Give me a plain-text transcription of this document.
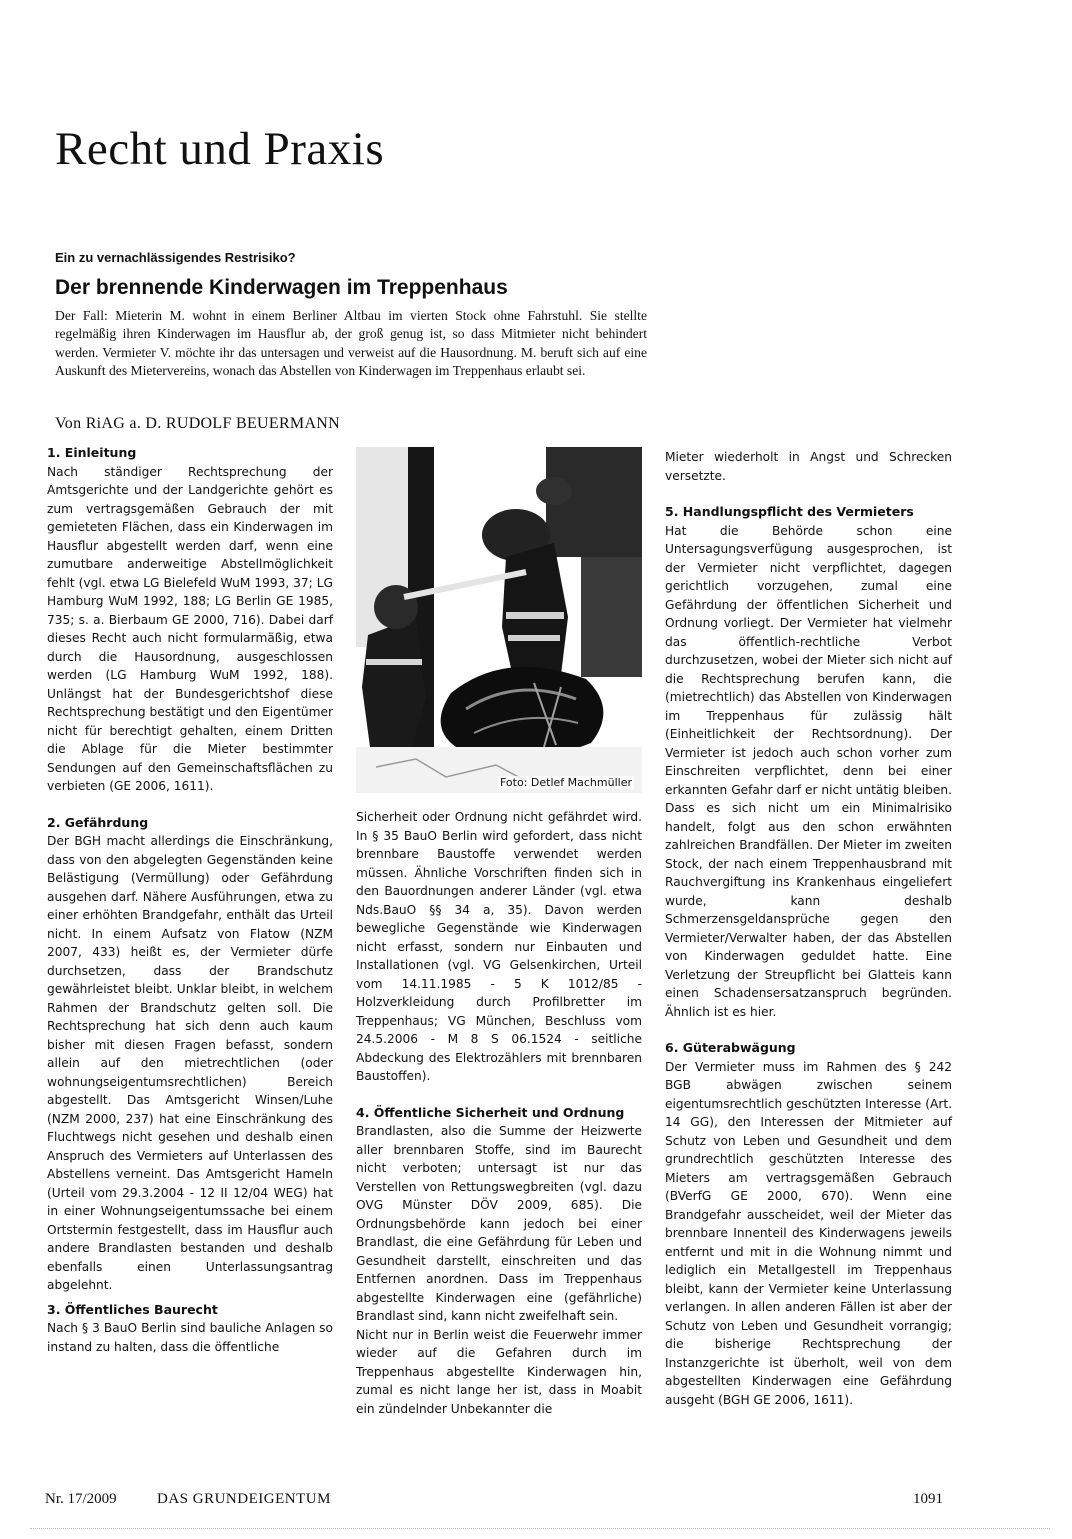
Recht und Praxis
Ein zu vernachlässigendes Restrisiko?
Der brennende Kinderwagen im Treppenhaus

Der Fall: Mieterin M. wohnt in einem Berliner Altbau im vierten Stock ohne Fahrstuhl. Sie stellte regelmäßig ihren Kinderwagen im Hausflur ab, der groß genug ist, so dass Mitmieter nicht behindert werden. Vermieter V. möchte ihr das untersagen und verweist auf die Hausordnung. M. beruft sich auf eine Auskunft des Mietervereins, wonach das Abstellen von Kinderwagen im Treppenhaus erlaubt sei.

Von RiAG a. D. RUDOLF BEUERMANN
1. Einleitung

Nach ständiger Rechtsprechung der Amtsgerichte und der Landgerichte gehört es zum vertragsgemäßen Gebrauch der mit gemieteten Flächen, dass ein Kinderwagen im Hausflur abgestellt werden darf, wenn eine zumutbare anderweitige Abstellmöglichkeit fehlt (vgl. etwa LG Bielefeld WuM 1993, 37; LG Hamburg WuM 1992, 188; LG Berlin GE 1985, 735; s. a. Bierbaum GE 2000, 716). Dabei darf dieses Recht auch nicht formularmäßig, etwa durch die Hausordnung, ausgeschlossen werden (LG Hamburg WuM 1992, 188). Unlängst hat der Bundesgerichtshof diese Rechtsprechung bestätigt und den Eigentümer nicht für berechtigt gehalten, einem Dritten die Ablage für die Mieter bestimmter Sendungen auf den Gemeinschaftsflächen zu verbieten (GE 2006, 1611).

2. Gefährdung

Der BGH macht allerdings die Einschränkung, dass von den abgelegten Gegenständen keine Belästigung (Vermüllung) oder Gefährdung ausgehen darf. Nähere Ausführungen, etwa zu einer erhöhten Brandgefahr, enthält das Urteil nicht. In einem Aufsatz von Flatow (NZM 2007, 433) heißt es, der Vermieter dürfe durchsetzen, dass der Brandschutz gewährleistet bleibt. Unklar bleibt, in welchem Rahmen der Brandschutz gelten soll. Die Rechtsprechung hat sich denn auch kaum bisher mit diesen Fragen befasst, sondern allein auf den mietrechtlichen (oder wohnungseigentumsrechtlichen) Bereich abgestellt. Das Amtsgericht Winsen/Luhe (NZM 2000, 237) hat eine Einschränkung des Fluchtwegs nicht gesehen und deshalb einen Anspruch des Vermieters auf Unterlassen des Abstellens verneint. Das Amtsgericht Hameln (Urteil vom 29.3.2004 - 12 II 12/04 WEG) hat in einer Wohnungseigentumssache bei einem Ortstermin festgestellt, dass im Hausflur auch andere Brandlasten bestanden und deshalb ebenfalls einen Unterlassungsantrag abgelehnt.

3. Öffentliches Baurecht

Nach § 3 BauO Berlin sind bauliche Anlagen so instand zu halten, dass die öffentliche

Foto: Detlef Machmüller

Sicherheit oder Ordnung nicht gefährdet wird. In § 35 BauO Berlin wird gefordert, dass nicht brennbare Baustoffe verwendet werden müssen. Ähnliche Vorschriften finden sich in den Bauordnungen anderer Länder (vgl. etwa Nds.BauO §§ 34 a, 35). Davon werden bewegliche Gegenstände wie Kinderwagen nicht erfasst, sondern nur Einbauten und Installationen (vgl. VG Gelsenkirchen, Urteil vom 14.11.1985 - 5 K 1012/85 - Holzverkleidung durch Profilbretter im Treppenhaus; VG München, Beschluss vom 24.5.2006 - M 8 S 06.1524 - seitliche Abdeckung des Elektrozählers mit brennbaren Baustoffen).

4. Öffentliche Sicherheit und Ordnung

Brandlasten, also die Summe der Heizwerte aller brennbaren Stoffe, sind im Baurecht nicht verboten; untersagt ist nur das Verstellen von Rettungswegbreiten (vgl. dazu OVG Münster DÖV 2009, 685). Die Ordnungsbehörde kann jedoch bei einer Brandlast, die eine Gefährdung für Leben und Gesundheit darstellt, einschreiten und das Entfernen anordnen. Dass im Treppenhaus abgestellte Kinderwagen eine (gefährliche) Brandlast sind, kann nicht zweifelhaft sein.

Nicht nur in Berlin weist die Feuerwehr immer wieder auf die Gefahren durch im Treppenhaus abgestellte Kinderwagen hin, zumal es nicht lange her ist, dass in Moabit ein zündelnder Unbekannter die

Mieter wiederholt in Angst und Schrecken versetzte.

5. Handlungspflicht des Vermieters

Hat die Behörde schon eine Untersagungsverfügung ausgesprochen, ist der Vermieter nicht verpflichtet, dagegen gerichtlich vorzugehen, zumal eine Gefährdung der öffentlichen Sicherheit und Ordnung vorliegt. Der Vermieter hat vielmehr das öffentlich-rechtliche Verbot durchzusetzen, wobei der Mieter sich nicht auf die Rechtsprechung berufen kann, die (mietrechtlich) das Abstellen von Kinderwagen im Treppenhaus für zulässig hält (Einheitlichkeit der Rechtsordnung). Der Vermieter ist jedoch auch schon vorher zum Einschreiten verpflichtet, denn bei einer erkannten Gefahr darf er nicht untätig bleiben. Dass es sich nicht um ein Minimalrisiko handelt, folgt aus den schon erwähnten zahlreichen Brandfällen. Der Mieter im zweiten Stock, der nach einem Treppenhausbrand mit Rauchvergiftung ins Krankenhaus eingeliefert wurde, kann deshalb Schmerzensgeldansprüche gegen den Vermieter/Verwalter haben, der das Abstellen von Kinderwagen geduldet hatte. Eine Verletzung der Streupflicht bei Glatteis kann einen Schadensersatzanspruch begründen. Ähnlich ist es hier.

6. Güterabwägung

Der Vermieter muss im Rahmen des § 242 BGB abwägen zwischen seinem eigentumsrechtlich geschützten Interesse (Art. 14 GG), den Interessen der Mitmieter auf Schutz von Leben und Gesundheit und dem grundrechtlich geschützten Interesse des Mieters am vertragsgemäßen Gebrauch (BVerfG GE 2000, 670). Wenn eine Brandgefahr ausscheidet, weil der Mieter das brennbare Innenteil des Kinderwagens jeweils entfernt und mit in die Wohnung nimmt und lediglich ein Metallgestell im Treppenhaus bleibt, kann der Vermieter keine Unterlassung verlangen. In allen anderen Fällen ist aber der Schutz von Leben und Gesundheit vorrangig; die bisherige Rechtsprechung der Instanzgerichte ist überholt, weil von dem abgestellten Kinderwagen eine Gefährdung ausgeht (BGH GE 2006, 1611).

Nr. 17/2009	DAS GRUNDEIGENTUM	1091
